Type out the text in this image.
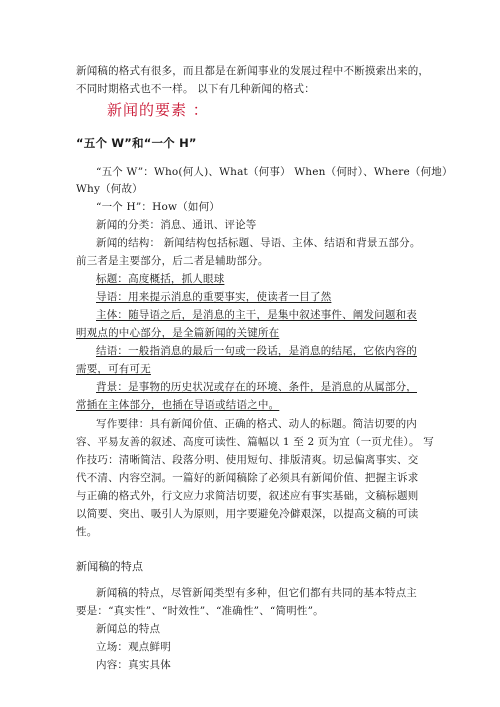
新闻稿的格式有很多，而且都是在新闻事业的发展过程中不断摸索出来的，
不同时期格式也不一样。 以下有几种新闻的格式：
新闻的要素 ：
“五个 W”和“一个 H”
“五个 W”：Who(何人)、What（何事） When（何时）、Where（何地）
Why（何故）
“一个 H”：How（如何）
新闻的分类：消息、通讯、评论等
新闻的结构： 新闻结构包括标题、导语、主体、结语和背景五部分。
前三者是主要部分，后二者是辅助部分。
标题：高度概括，抓人眼球
导语：用来提示消息的重要事实，使读者一目了然
主体：随导语之后，是消息的主干，是集中叙述事件、阐发问题和表
明观点的中心部分，是全篇新闻的关键所在
结语：一般指消息的最后一句或一段话，是消息的结尾，它依内容的
需要，可有可无
背景：是事物的历史状况或存在的环境、条件，是消息的从属部分，
常插在主体部分，也插在导语或结语之中。
写作要律：具有新闻价值、正确的格式、动人的标题。简洁切要的内
容、平易友善的叙述、高度可读性、篇幅以 1 至 2 页为宜（一页尤佳）。 写
作技巧：清晰简洁、段落分明、使用短句、排版清爽。切忌偏离事实、交
代不清、内容空洞。一篇好的新闻稿除了必须具有新闻价值、把握主诉求
与正确的格式外，行文应力求简洁切要，叙述应有事实基础，文稿标题则
以简要、突出、吸引人为原则，用字要避免冷僻艰深，以提高文稿的可读
性。
新闻稿的特点
新闻稿的特点，尽管新闻类型有多种，但它们都有共同的基本特点主
要是：“真实性”、“时效性”、“准确性”、“简明性”。
新闻总的特点
立场：观点鲜明
内容：真实具体
